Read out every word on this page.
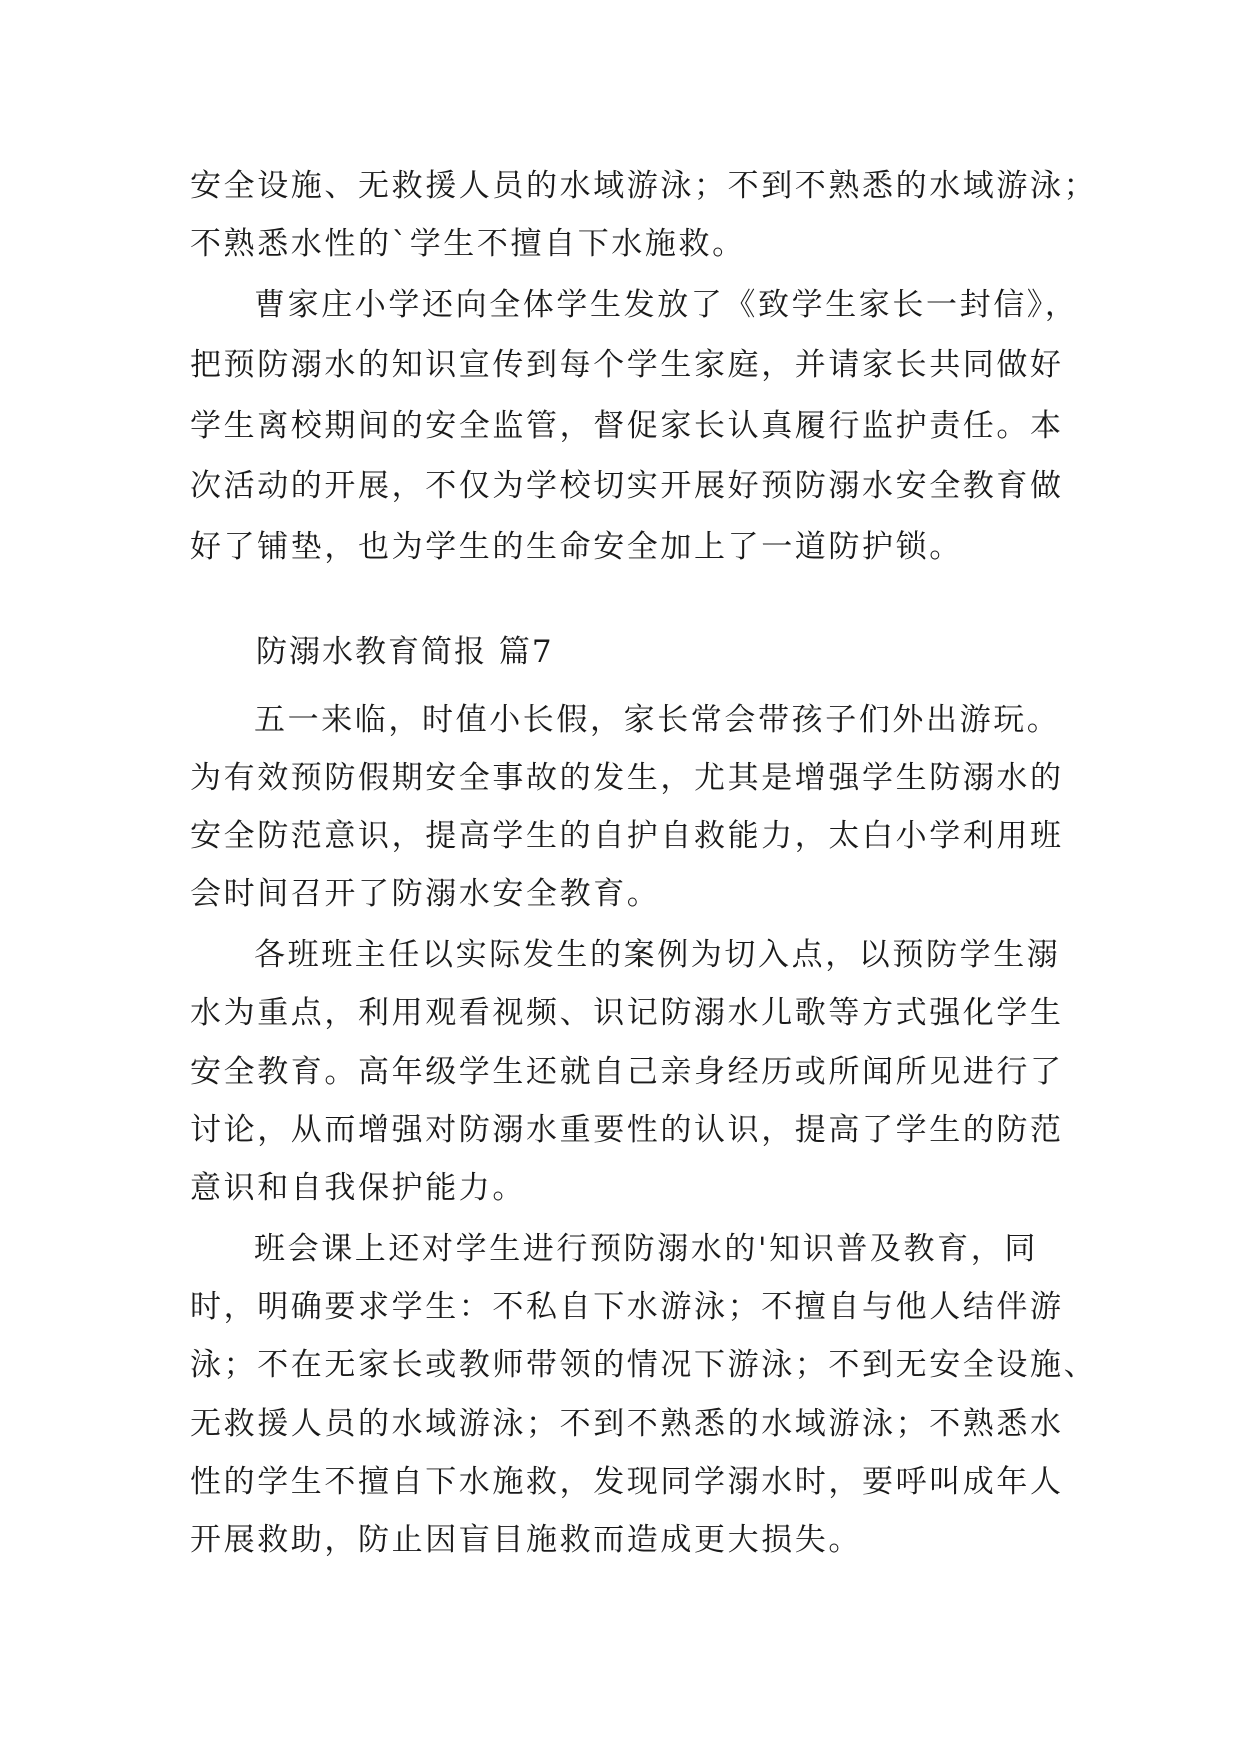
安全设施、无救援人员的水域游泳；不到不熟悉的水域游泳；
不熟悉水性的`学生不擅自下水施救。
曹家庄小学还向全体学生发放了《致学生家长一封信》，
把预防溺水的知识宣传到每个学生家庭，并请家长共同做好
学生离校期间的安全监管，督促家长认真履行监护责任。本
次活动的开展，不仅为学校切实开展好预防溺水安全教育做
好了铺垫，也为学生的生命安全加上了一道防护锁。
防溺水教育简报 篇7
五一来临，时值小长假，家长常会带孩子们外出游玩。
为有效预防假期安全事故的发生，尤其是增强学生防溺水的
安全防范意识，提高学生的自护自救能力，太白小学利用班
会时间召开了防溺水安全教育。
各班班主任以实际发生的案例为切入点，以预防学生溺
水为重点，利用观看视频、识记防溺水儿歌等方式强化学生
安全教育。高年级学生还就自己亲身经历或所闻所见进行了
讨论，从而增强对防溺水重要性的认识，提高了学生的防范
意识和自我保护能力。
班会课上还对学生进行预防溺水的'知识普及教育，同
时，明确要求学生：不私自下水游泳；不擅自与他人结伴游
泳；不在无家长或教师带领的情况下游泳；不到无安全设施、
无救援人员的水域游泳；不到不熟悉的水域游泳；不熟悉水
性的学生不擅自下水施救，发现同学溺水时，要呼叫成年人
开展救助，防止因盲目施救而造成更大损失。
